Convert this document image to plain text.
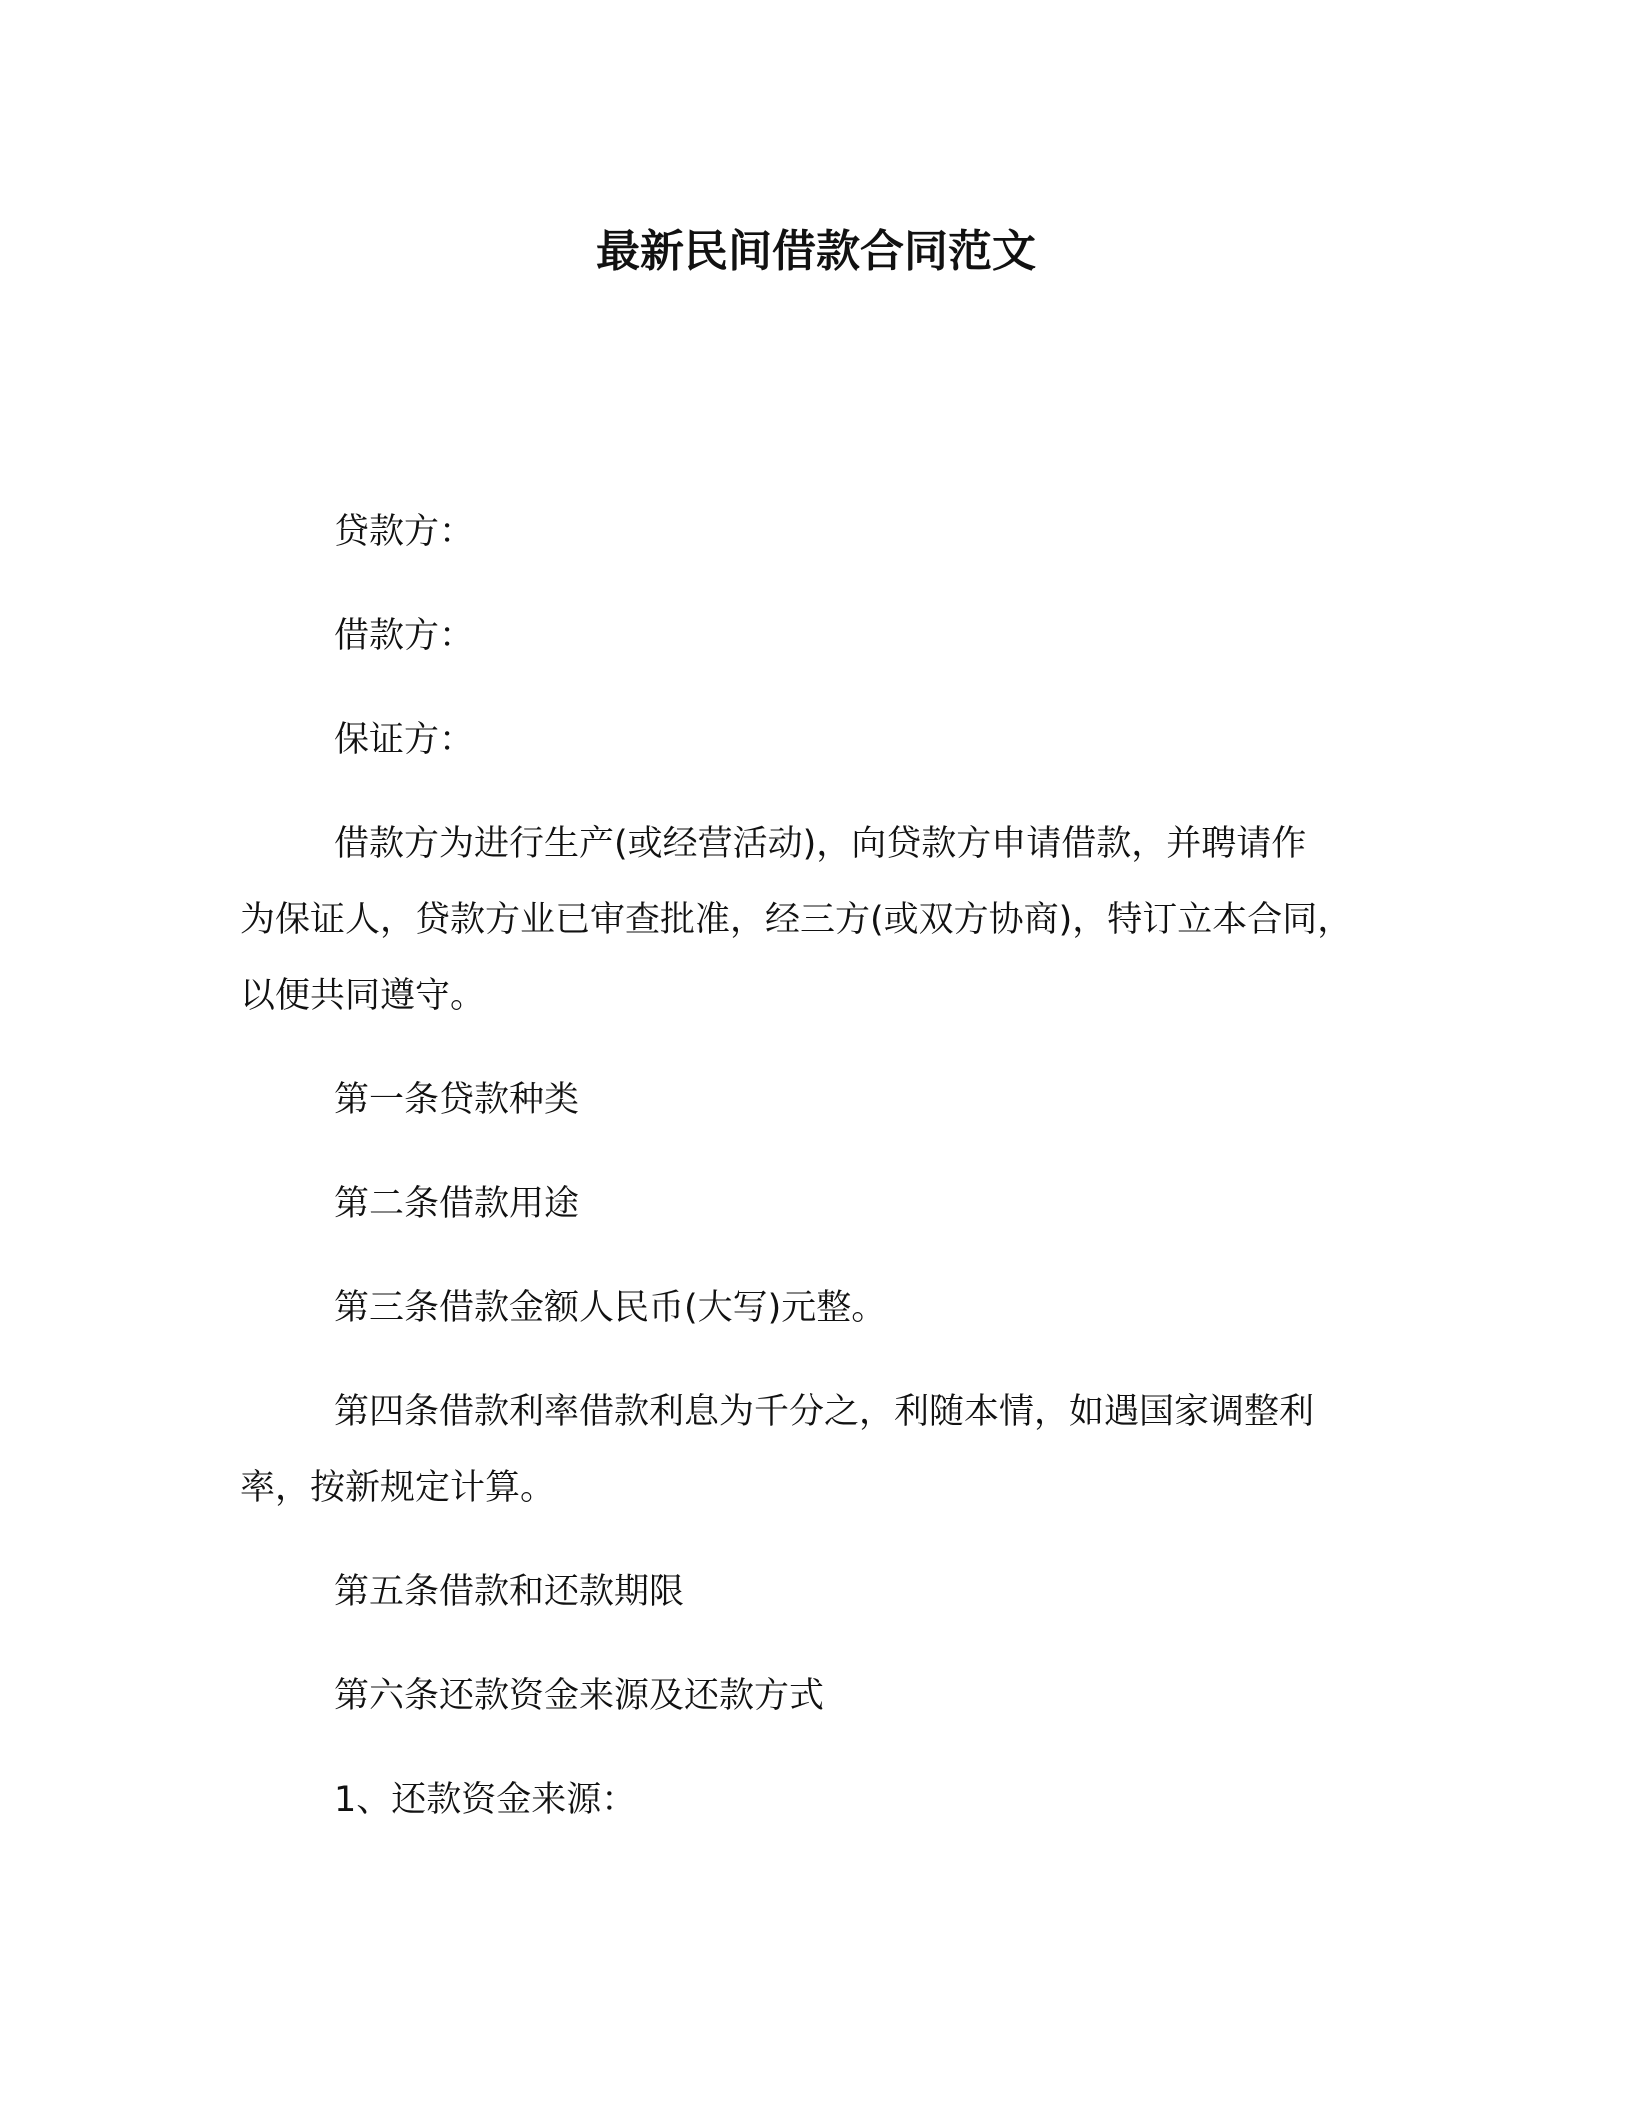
最新民间借款合同范文
贷款方：
借款方：
保证方：
借款方为进行生产(或经营活动)，向贷款方申请借款，并聘请作
为保证人，贷款方业已审查批准，经三方(或双方协商)，特订立本合同，
以便共同遵守。
第一条贷款种类
第二条借款用途
第三条借款金额人民币(大写)元整。
第四条借款利率借款利息为千分之，利随本情，如遇国家调整利
率，按新规定计算。
第五条借款和还款期限
第六条还款资金来源及还款方式
1、还款资金来源：
